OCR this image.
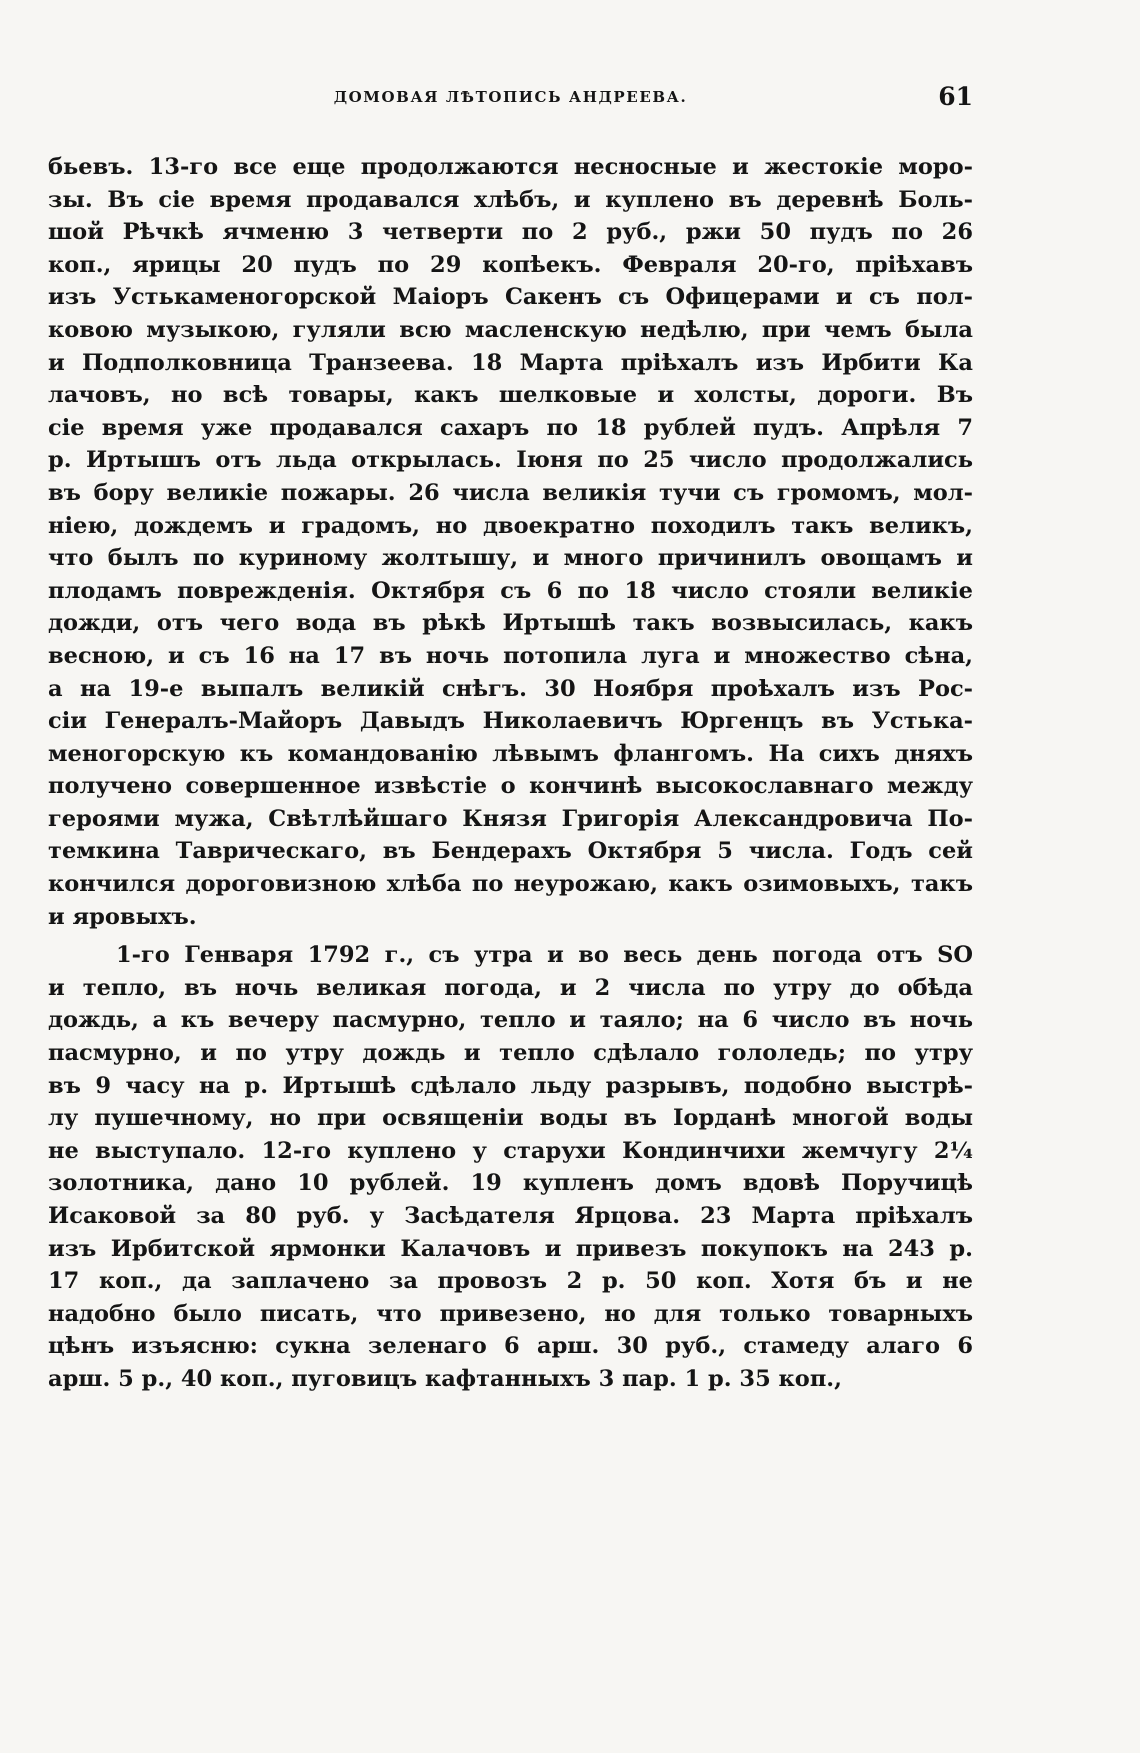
ДОМОВАЯ ЛѢТОПИСЬ АНДРЕЕВА.	61
бьевъ. 13-го все еще продолжаются несносные и жестокіе моро-
зы. Въ сіе время продавался хлѣбъ, и куплено въ деревнѣ Боль-
шой Рѣчкѣ ячменю 3 четверти по 2 руб., ржи 50 пудъ по 26
коп., ярицы 20 пудъ по 29 копѣекъ. Февраля 20-го, пріѣхавъ
изъ Устькаменогорской Маіоръ Сакенъ съ Офицерами и съ пол-
ковою музыкою, гуляли всю масленскую недѣлю, при чемъ была
и Подполковница Транзеева. 18 Марта пріѣхалъ изъ Ирбити Ка
лачовъ, но всѣ товары, какъ шелковые и холсты, дороги. Въ
сіе время уже продавался сахаръ по 18 рублей пудъ. Апрѣля 7
р. Иртышъ отъ льда открылась. Іюня по 25 число продолжались
въ бору великіе пожары. 26 числа великія тучи съ громомъ, мол-
ніею, дождемъ и градомъ, но двоекратно походилъ такъ великъ,
что былъ по куриному жолтышу, и много причинилъ овощамъ и
плодамъ поврежденія. Октября съ 6 по 18 число стояли великіе
дожди, отъ чего вода въ рѣкѣ Иртышѣ такъ возвысилась, какъ
весною, и съ 16 на 17 въ ночь потопила луга и множество сѣна,
а на 19-е выпалъ великій снѣгъ. 30 Ноября проѣхалъ изъ Рос-
сіи Генералъ-Майоръ Давыдъ Николаевичъ Юргенцъ въ Устька-
меногорскую къ командованію лѣвымъ флангомъ. На сихъ дняхъ
получено совершенное извѣстіе о кончинѣ высокославнаго между
героями мужа, Свѣтлѣйшаго Князя Григорія Александровича По-
темкина Таврическаго, въ Бендерахъ Октября 5 числа. Годъ сей
кончился дороговизною хлѣба по неурожаю, какъ озимовыхъ, такъ
и яровыхъ.
1-го Генваря 1792 г., съ утра и во весь день погода отъ SO
и тепло, въ ночь великая погода, и 2 числа по утру до обѣда
дождь, а къ вечеру пасмурно, тепло и таяло; на 6 число въ ночь
пасмурно, и по утру дождь и тепло сдѣлало гололедь; по утру
въ 9 часу на р. Иртышѣ сдѣлало льду разрывъ, подобно выстрѣ-
лу пушечному, но при освященіи воды въ Іорданѣ многой воды
не выступало. 12-го куплено у старухи Кондинчихи жемчугу 2¼
золотника, дано 10 рублей. 19 купленъ домъ вдовѣ Поручицѣ
Исаковой за 80 руб. у Засѣдателя Ярцова. 23 Марта пріѣхалъ
изъ Ирбитской ярмонки Калачовъ и привезъ покупокъ на 243 р.
17 коп., да заплачено за провозъ 2 р. 50 коп. Хотя бъ и не
надобно было писать, что привезено, но для только товарныхъ
цѣнъ изъясню: сукна зеленаго 6 арш. 30 руб., стамеду алаго 6
арш. 5 р., 40 коп., пуговицъ кафтанныхъ 3 пар. 1 р. 35 коп.,
